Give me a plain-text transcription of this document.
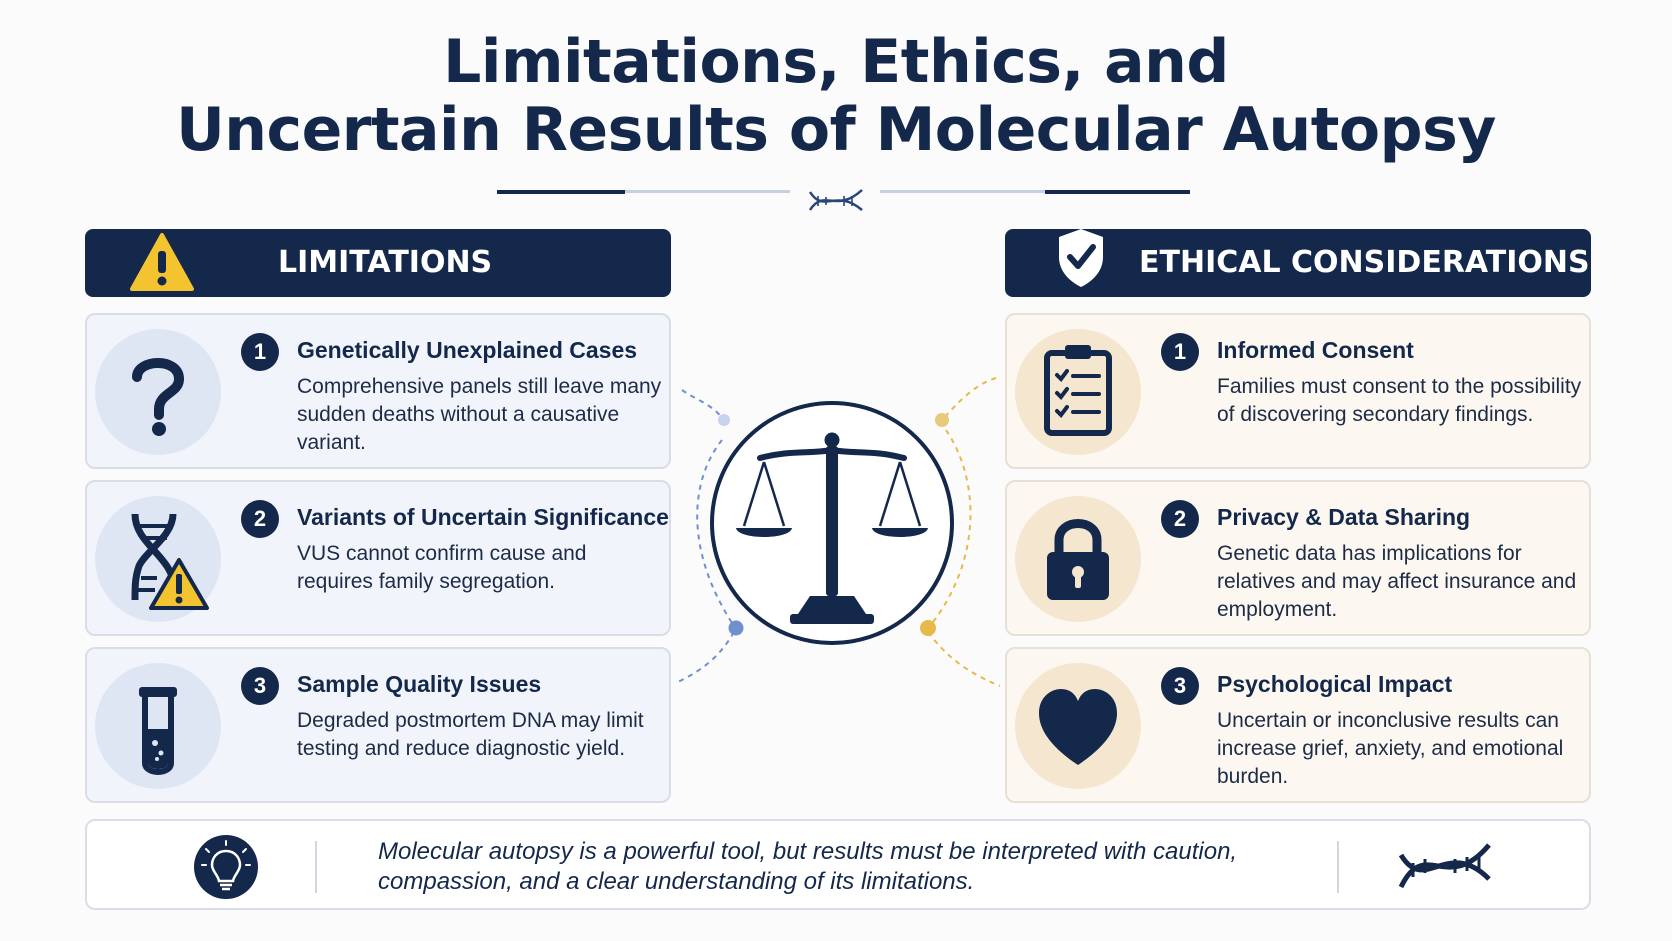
Limitations, Ethics, and
Uncertain Results of Molecular Autopsy
LIMITATIONS	ETHICAL CONSIDERATIONS
1	Genetically Unexplained Cases
Comprehensive panels still leave many sudden deaths without a causative variant.
2	Variants of Uncertain Significance
VUS cannot confirm cause and requires family segregation.
3	Sample Quality Issues
Degraded postmortem DNA may limit testing and reduce diagnostic yield.
1	Informed Consent
Families must consent to the possibility of discovering secondary findings.
2	Privacy & Data Sharing
Genetic data has implications for relatives and may affect insurance and employment.
3	Psychological Impact
Uncertain or inconclusive results can increase grief, anxiety, and emotional burden.
Molecular autopsy is a powerful tool, but results must be interpreted with caution, compassion, and a clear understanding of its limitations.
